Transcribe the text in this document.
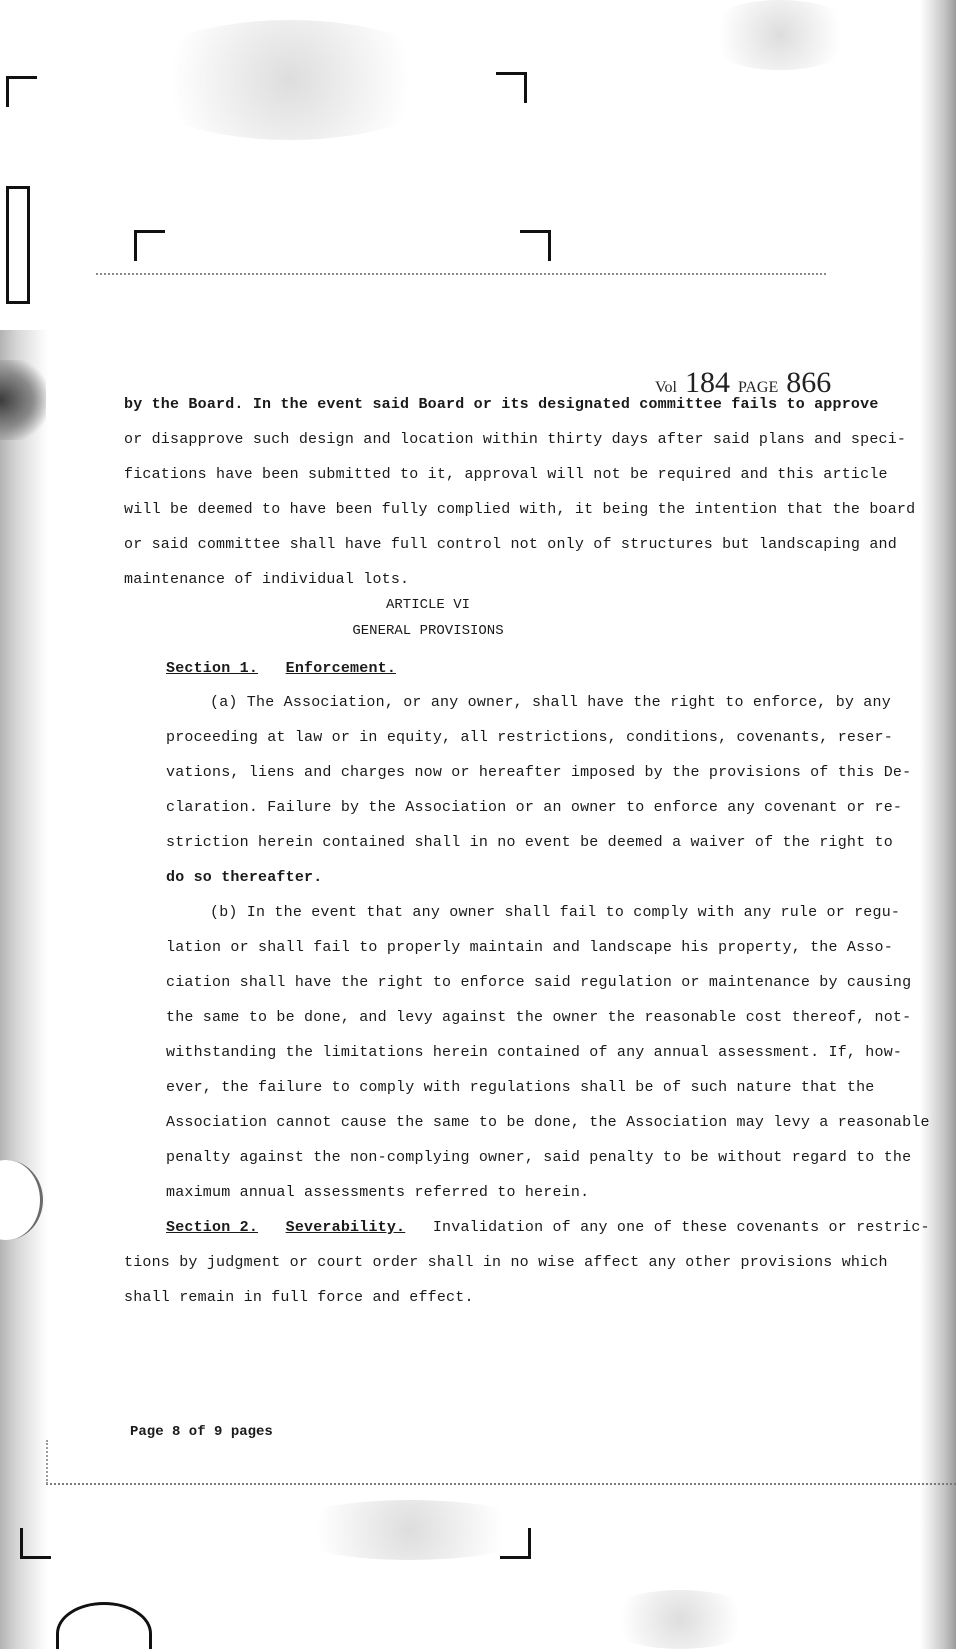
Vol 184 PAGE 866
by the Board. In the event said Board or its designated committee fails to approve
or disapprove such design and location within thirty days after said plans and speci-
fications have been submitted to it, approval will not be required and this article
will be deemed to have been fully complied with, it being the intention that the board
or said committee shall have full control not only of structures but landscaping and
maintenance of individual lots.
ARTICLE VI
GENERAL PROVISIONS
Section 1. Enforcement.
(a) The Association, or any owner, shall have the right to enforce, by any
proceeding at law or in equity, all restrictions, conditions, covenants, reser-
vations, liens and charges now or hereafter imposed by the provisions of this De-
claration. Failure by the Association or an owner to enforce any covenant or re-
striction herein contained shall in no event be deemed a waiver of the right to
do so thereafter.
(b) In the event that any owner shall fail to comply with any rule or regu-
lation or shall fail to properly maintain and landscape his property, the Asso-
ciation shall have the right to enforce said regulation or maintenance by causing
the same to be done, and levy against the owner the reasonable cost thereof, not-
withstanding the limitations herein contained of any annual assessment. If, how-
ever, the failure to comply with regulations shall be of such nature that the
Association cannot cause the same to be done, the Association may levy a reasonable
penalty against the non-complying owner, said penalty to be without regard to the
maximum annual assessments referred to herein.
Section 2. Severability. Invalidation of any one of these covenants or restric-
tions by judgment or court order shall in no wise affect any other provisions which
shall remain in full force and effect.
Page 8 of 9 pages
